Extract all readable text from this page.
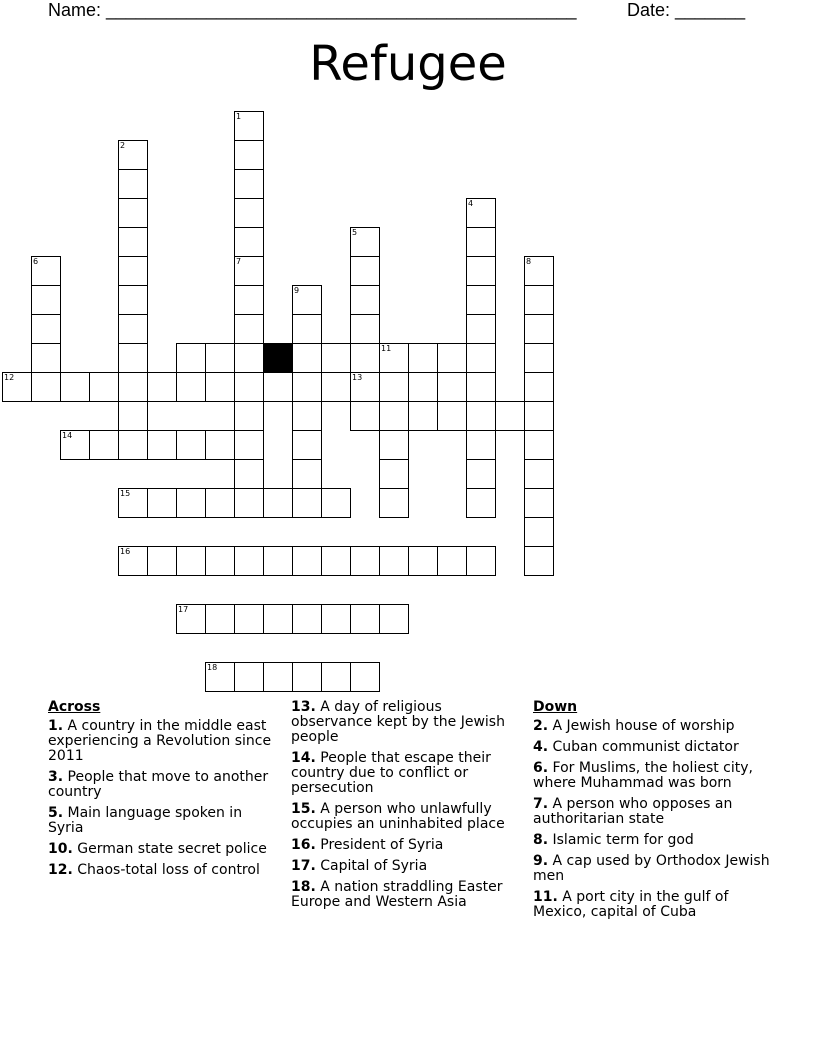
Name: _______________________________________________	Date: _______
Refugee
1
5
13
11
12
14
15
16
17
18
2
4
6	7	8
9
Across
1. A country in the middle east experiencing a Revolution since 2011
3. People that move to another country
5. Main language spoken in Syria
10. German state secret police
12. Chaos-total loss of control
13. A day of religious observance kept by the Jewish people
14. People that escape their country due to conflict or persecution
15. A person who unlawfully occupies an uninhabited place
16. President of Syria
17. Capital of Syria
18. A nation straddling Easter Europe and Western Asia
Down
2. A Jewish house of worship
4. Cuban communist dictator
6. For Muslims, the holiest city, where Muhammad was born
7. A person who opposes an authoritarian state
8. Islamic term for god
9. A cap used by Orthodox Jewish men
11. A port city in the gulf of Mexico, capital of Cuba
